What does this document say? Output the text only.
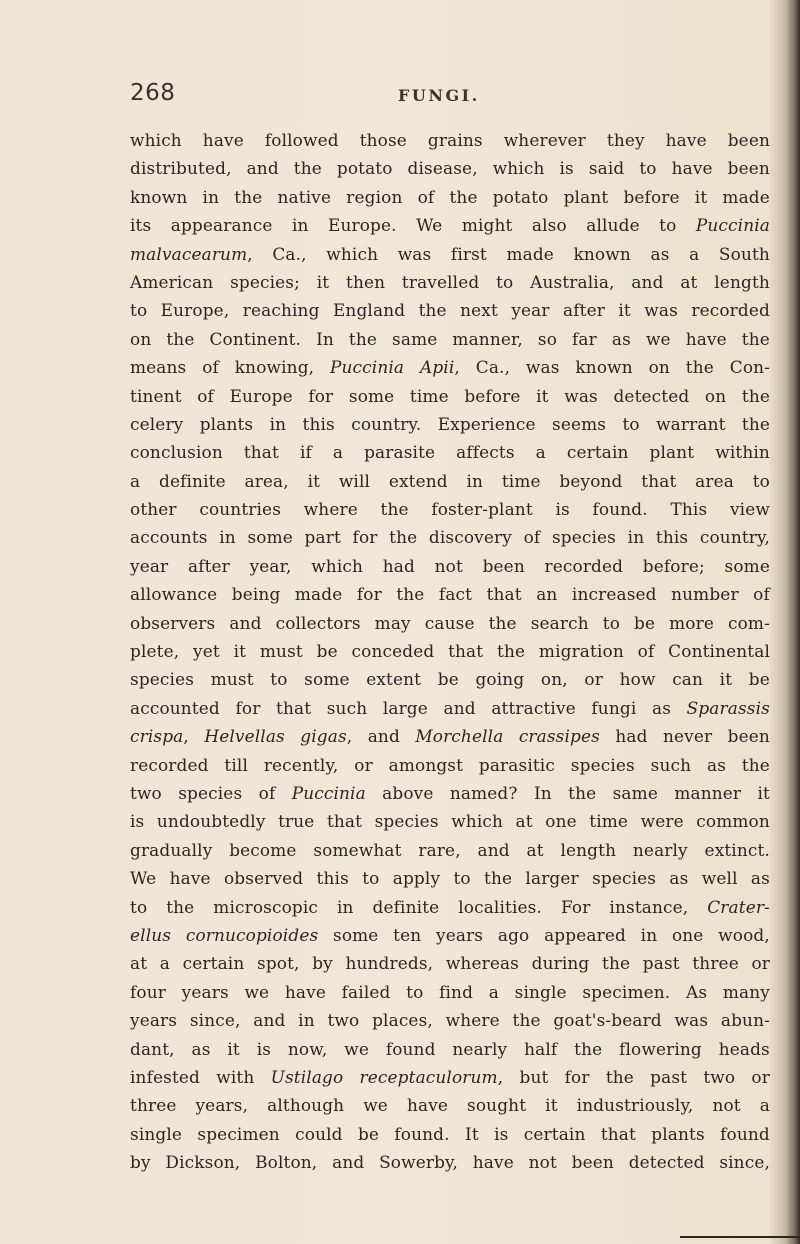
268	FUNGI.
which have followed those grains wherever they have been
distributed, and the potato disease, which is said to have been
known in the native region of the potato plant before it made
its appearance in Europe. We might also allude to Puccinia
malvacearum, Ca., which was first made known as a South
American species; it then travelled to Australia, and at length
to Europe, reaching England the next year after it was recorded
on the Continent. In the same manner, so far as we have the
means of knowing, Puccinia Apii, Ca., was known on the Con-
tinent of Europe for some time before it was detected on the
celery plants in this country. Experience seems to warrant the
conclusion that if a parasite affects a certain plant within
a definite area, it will extend in time beyond that area to
other countries where the foster-plant is found. This view
accounts in some part for the discovery of species in this country,
year after year, which had not been recorded before; some
allowance being made for the fact that an increased number of
observers and collectors may cause the search to be more com-
plete, yet it must be conceded that the migration of Continental
species must to some extent be going on, or how can it be
accounted for that such large and attractive fungi as Sparassis
crispa, Helvellas gigas, and Morchella crassipes had never been
recorded till recently, or amongst parasitic species such as the
two species of Puccinia above named? In the same manner it
is undoubtedly true that species which at one time were common
gradually become somewhat rare, and at length nearly extinct.
We have observed this to apply to the larger species as well as
to the microscopic in definite localities. For instance, Crater-
ellus cornucopioides some ten years ago appeared in one wood,
at a certain spot, by hundreds, whereas during the past three or
four years we have failed to find a single specimen. As many
years since, and in two places, where the goat's-beard was abun-
dant, as it is now, we found nearly half the flowering heads
infested with Ustilago receptaculorum, but for the past two or
three years, although we have sought it industriously, not a
single specimen could be found. It is certain that plants found
by Dickson, Bolton, and Sowerby, have not been detected since,
